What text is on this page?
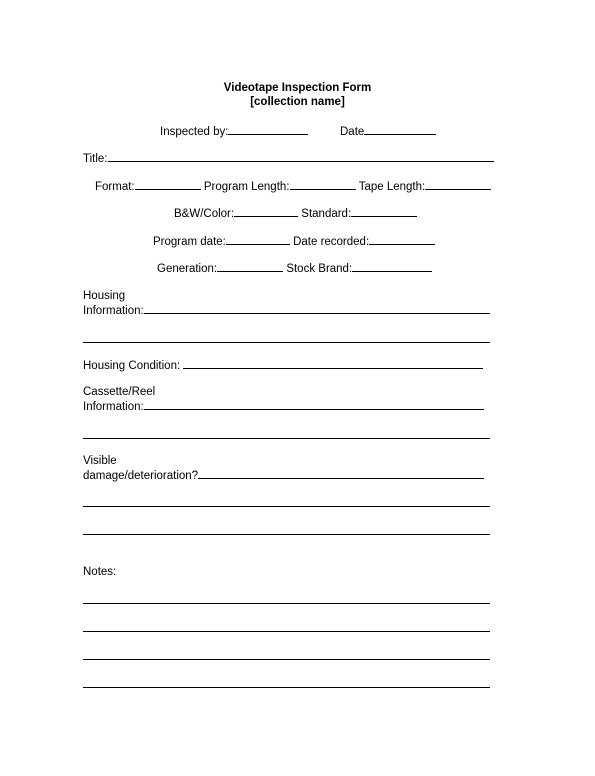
Videotape Inspection Form
[collection name]
Inspected by:	Date
Title:
Format:	Program Length:	Tape Length:
B&W/Color:	Standard:
Program date:	Date recorded:
Generation:	Stock Brand:
Housing
Information:
Housing Condition:
Cassette/Reel
Information:
Visible
damage/deterioration?
Notes:
